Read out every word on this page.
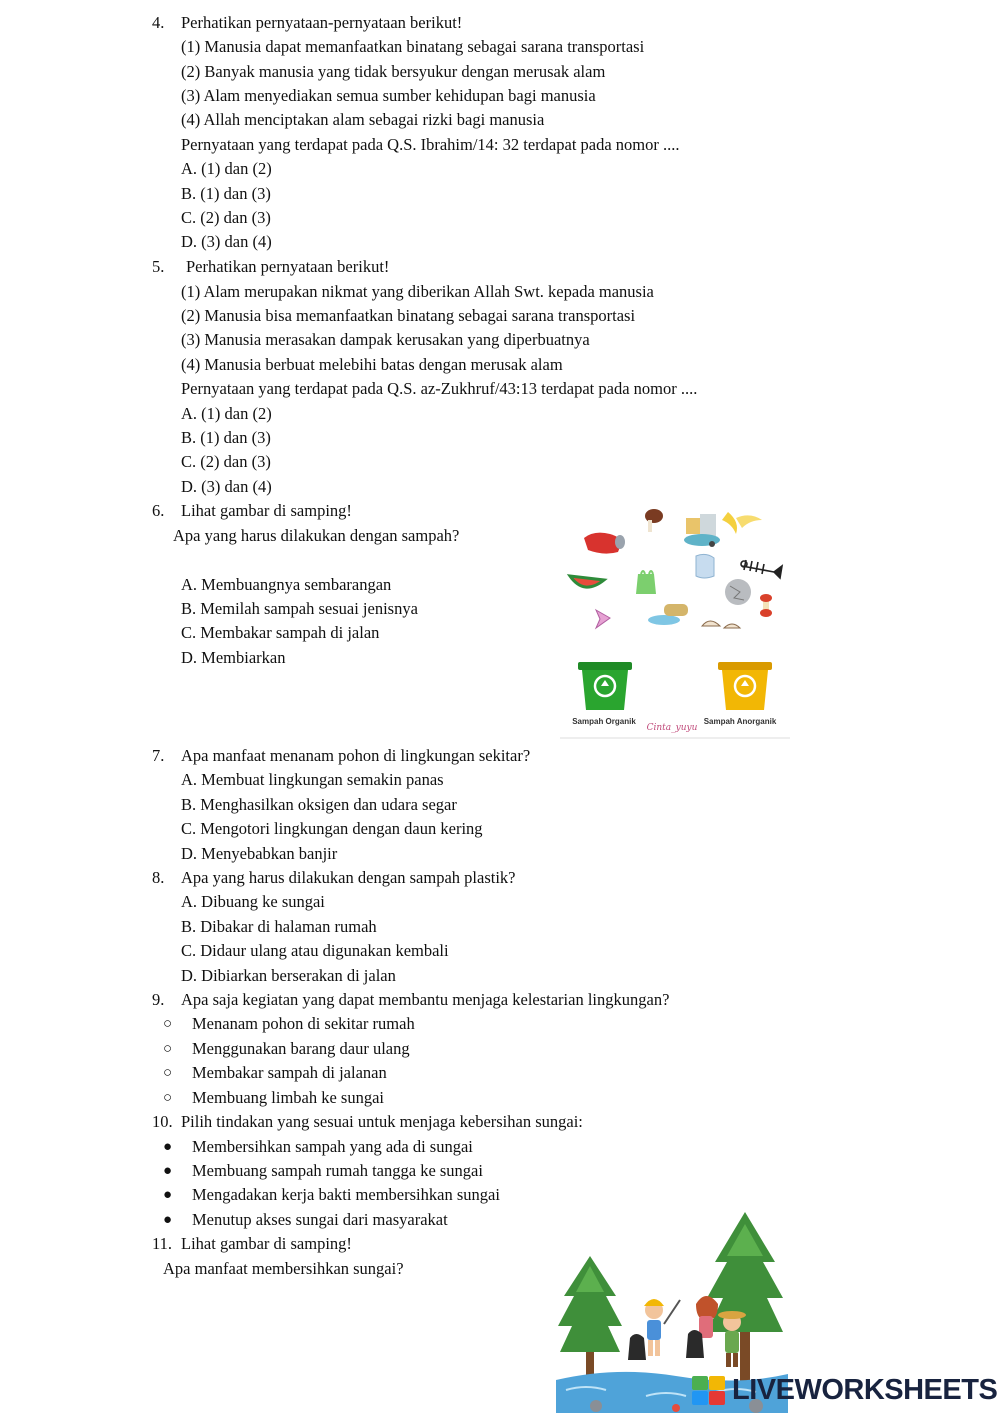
4. Perhatikan pernyataan-pernyataan berikut!
(1) Manusia dapat memanfaatkan binatang sebagai sarana transportasi
(2) Banyak manusia yang tidak bersyukur dengan merusak alam
(3) Alam menyediakan semua sumber kehidupan bagi manusia
(4) Allah menciptakan alam sebagai rizki bagi manusia
Pernyataan yang terdapat pada Q.S. Ibrahim/14: 32 terdapat pada nomor ....
A. (1) dan (2)
B. (1) dan (3)
C. (2) dan (3)
D. (3) dan (4)
5. Perhatikan pernyataan berikut!
(1) Alam merupakan nikmat yang diberikan Allah Swt. kepada manusia
(2) Manusia bisa memanfaatkan binatang sebagai sarana transportasi
(3) Manusia merasakan dampak kerusakan yang diperbuatnya
(4) Manusia berbuat melebihi batas dengan merusak alam
Pernyataan yang terdapat pada Q.S. az-Zukhruf/43:13 terdapat pada nomor ....
A. (1) dan (2)
B. (1) dan (3)
C. (2) dan (3)
D. (3) dan (4)
6. Lihat gambar di samping!
Apa yang harus dilakukan dengan sampah?
A. Membuangnya sembarangan
B. Memilah sampah sesuai jenisnya
C. Membakar sampah di jalan
D. Membiarkan
Sampah Organik	Sampah Anorganik
Cinta_yuyu
7. Apa manfaat menanam pohon di lingkungan sekitar?
A. Membuat lingkungan semakin panas
B. Menghasilkan oksigen dan udara segar
C. Mengotori lingkungan dengan daun kering
D. Menyebabkan banjir
8. Apa yang harus dilakukan dengan sampah plastik?
A. Dibuang ke sungai
B. Dibakar di halaman rumah
C. Didaur ulang atau digunakan kembali
D. Dibiarkan berserakan di jalan
9. Apa saja kegiatan yang dapat membantu menjaga kelestarian lingkungan?
○ Menanam pohon di sekitar rumah
○ Menggunakan barang daur ulang
○ Membakar sampah di jalanan
○ Membuang limbah ke sungai
10. Pilih tindakan yang sesuai untuk menjaga kebersihan sungai:
● Membersihkan sampah yang ada di sungai
● Membuang sampah rumah tangga ke sungai
● Mengadakan kerja bakti membersihkan sungai
● Menutup akses sungai dari masyarakat
11. Lihat gambar di samping!
Apa manfaat membersihkan sungai?
LIVEWORKSHEETS
